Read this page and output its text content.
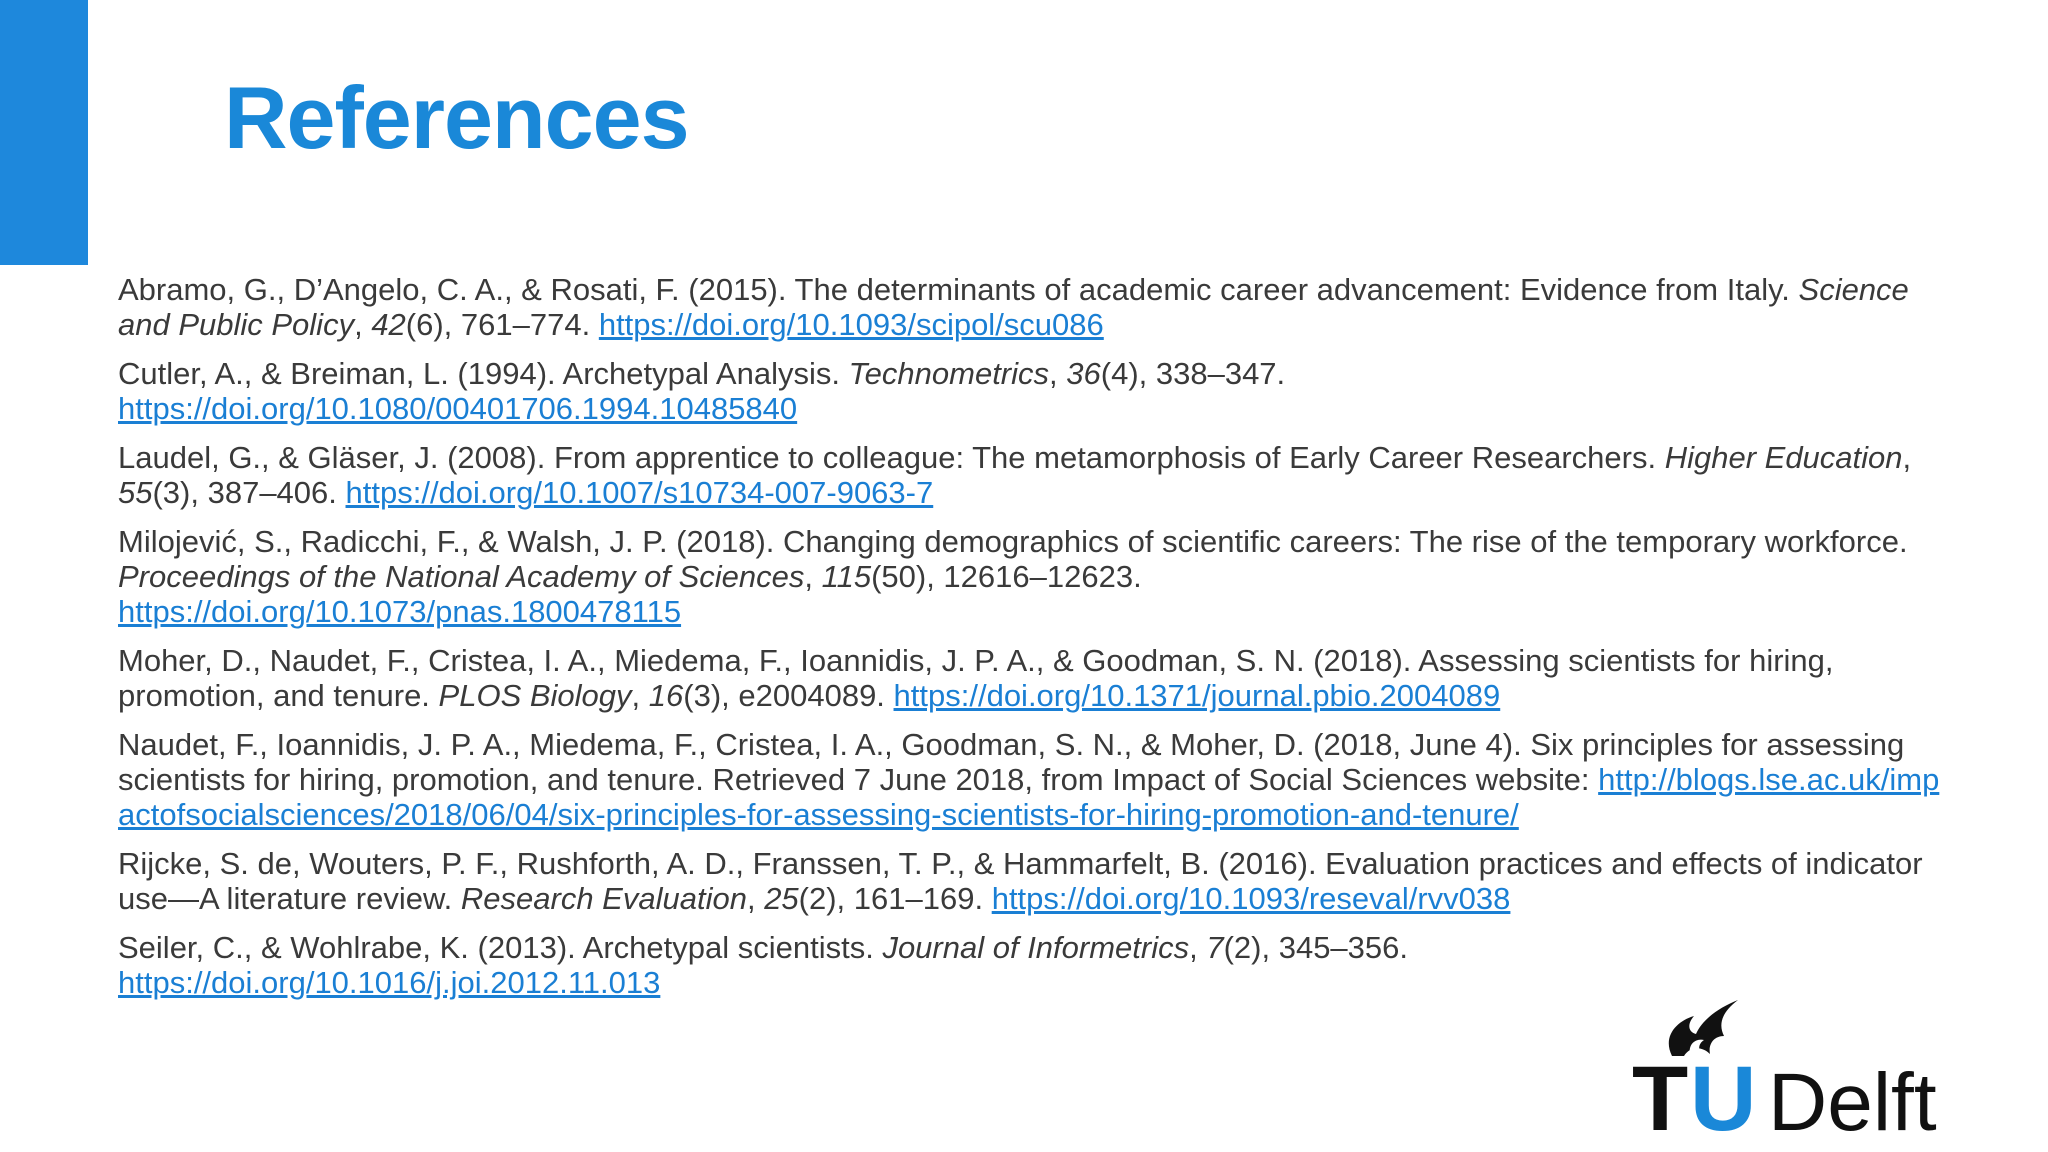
References
Abramo, G., D’Angelo, C. A., & Rosati, F. (2015). The determinants of academic career advancement: Evidence from Italy. Science and Public Policy, 42(6), 761–774. https://doi.org/10.1093/scipol/scu086
Cutler, A., & Breiman, L. (1994). Archetypal Analysis. Technometrics, 36(4), 338–347.
https://doi.org/10.1080/00401706.1994.10485840
Laudel, G., & Gläser, J. (2008). From apprentice to colleague: The metamorphosis of Early Career Researchers. Higher Education, 55(3), 387–406. https://doi.org/10.1007/s10734-007-9063-7
Milojević, S., Radicchi, F., & Walsh, J. P. (2018). Changing demographics of scientific careers: The rise of the temporary workforce. Proceedings of the National Academy of Sciences, 115(50), 12616–12623.
https://doi.org/10.1073/pnas.1800478115
Moher, D., Naudet, F., Cristea, I. A., Miedema, F., Ioannidis, J. P. A., & Goodman, S. N. (2018). Assessing scientists for hiring, promotion, and tenure. PLOS Biology, 16(3), e2004089. https://doi.org/10.1371/journal.pbio.2004089
Naudet, F., Ioannidis, J. P. A., Miedema, F., Cristea, I. A., Goodman, S. N., & Moher, D. (2018, June 4). Six principles for assessing scientists for hiring, promotion, and tenure. Retrieved 7 June 2018, from Impact of Social Sciences website: http://blogs.lse.ac.uk/impactofsocialsciences/2018/06/04/six-principles-for-assessing-scientists-for-hiring-promotion-and-tenure/
Rijcke, S. de, Wouters, P. F., Rushforth, A. D., Franssen, T. P., & Hammarfelt, B. (2016). Evaluation practices and effects of indicator use—A literature review. Research Evaluation, 25(2), 161–169. https://doi.org/10.1093/reseval/rvv038
Seiler, C., & Wohlrabe, K. (2013). Archetypal scientists. Journal of Informetrics, 7(2), 345–356.
https://doi.org/10.1016/j.joi.2012.11.013
T U Delft
